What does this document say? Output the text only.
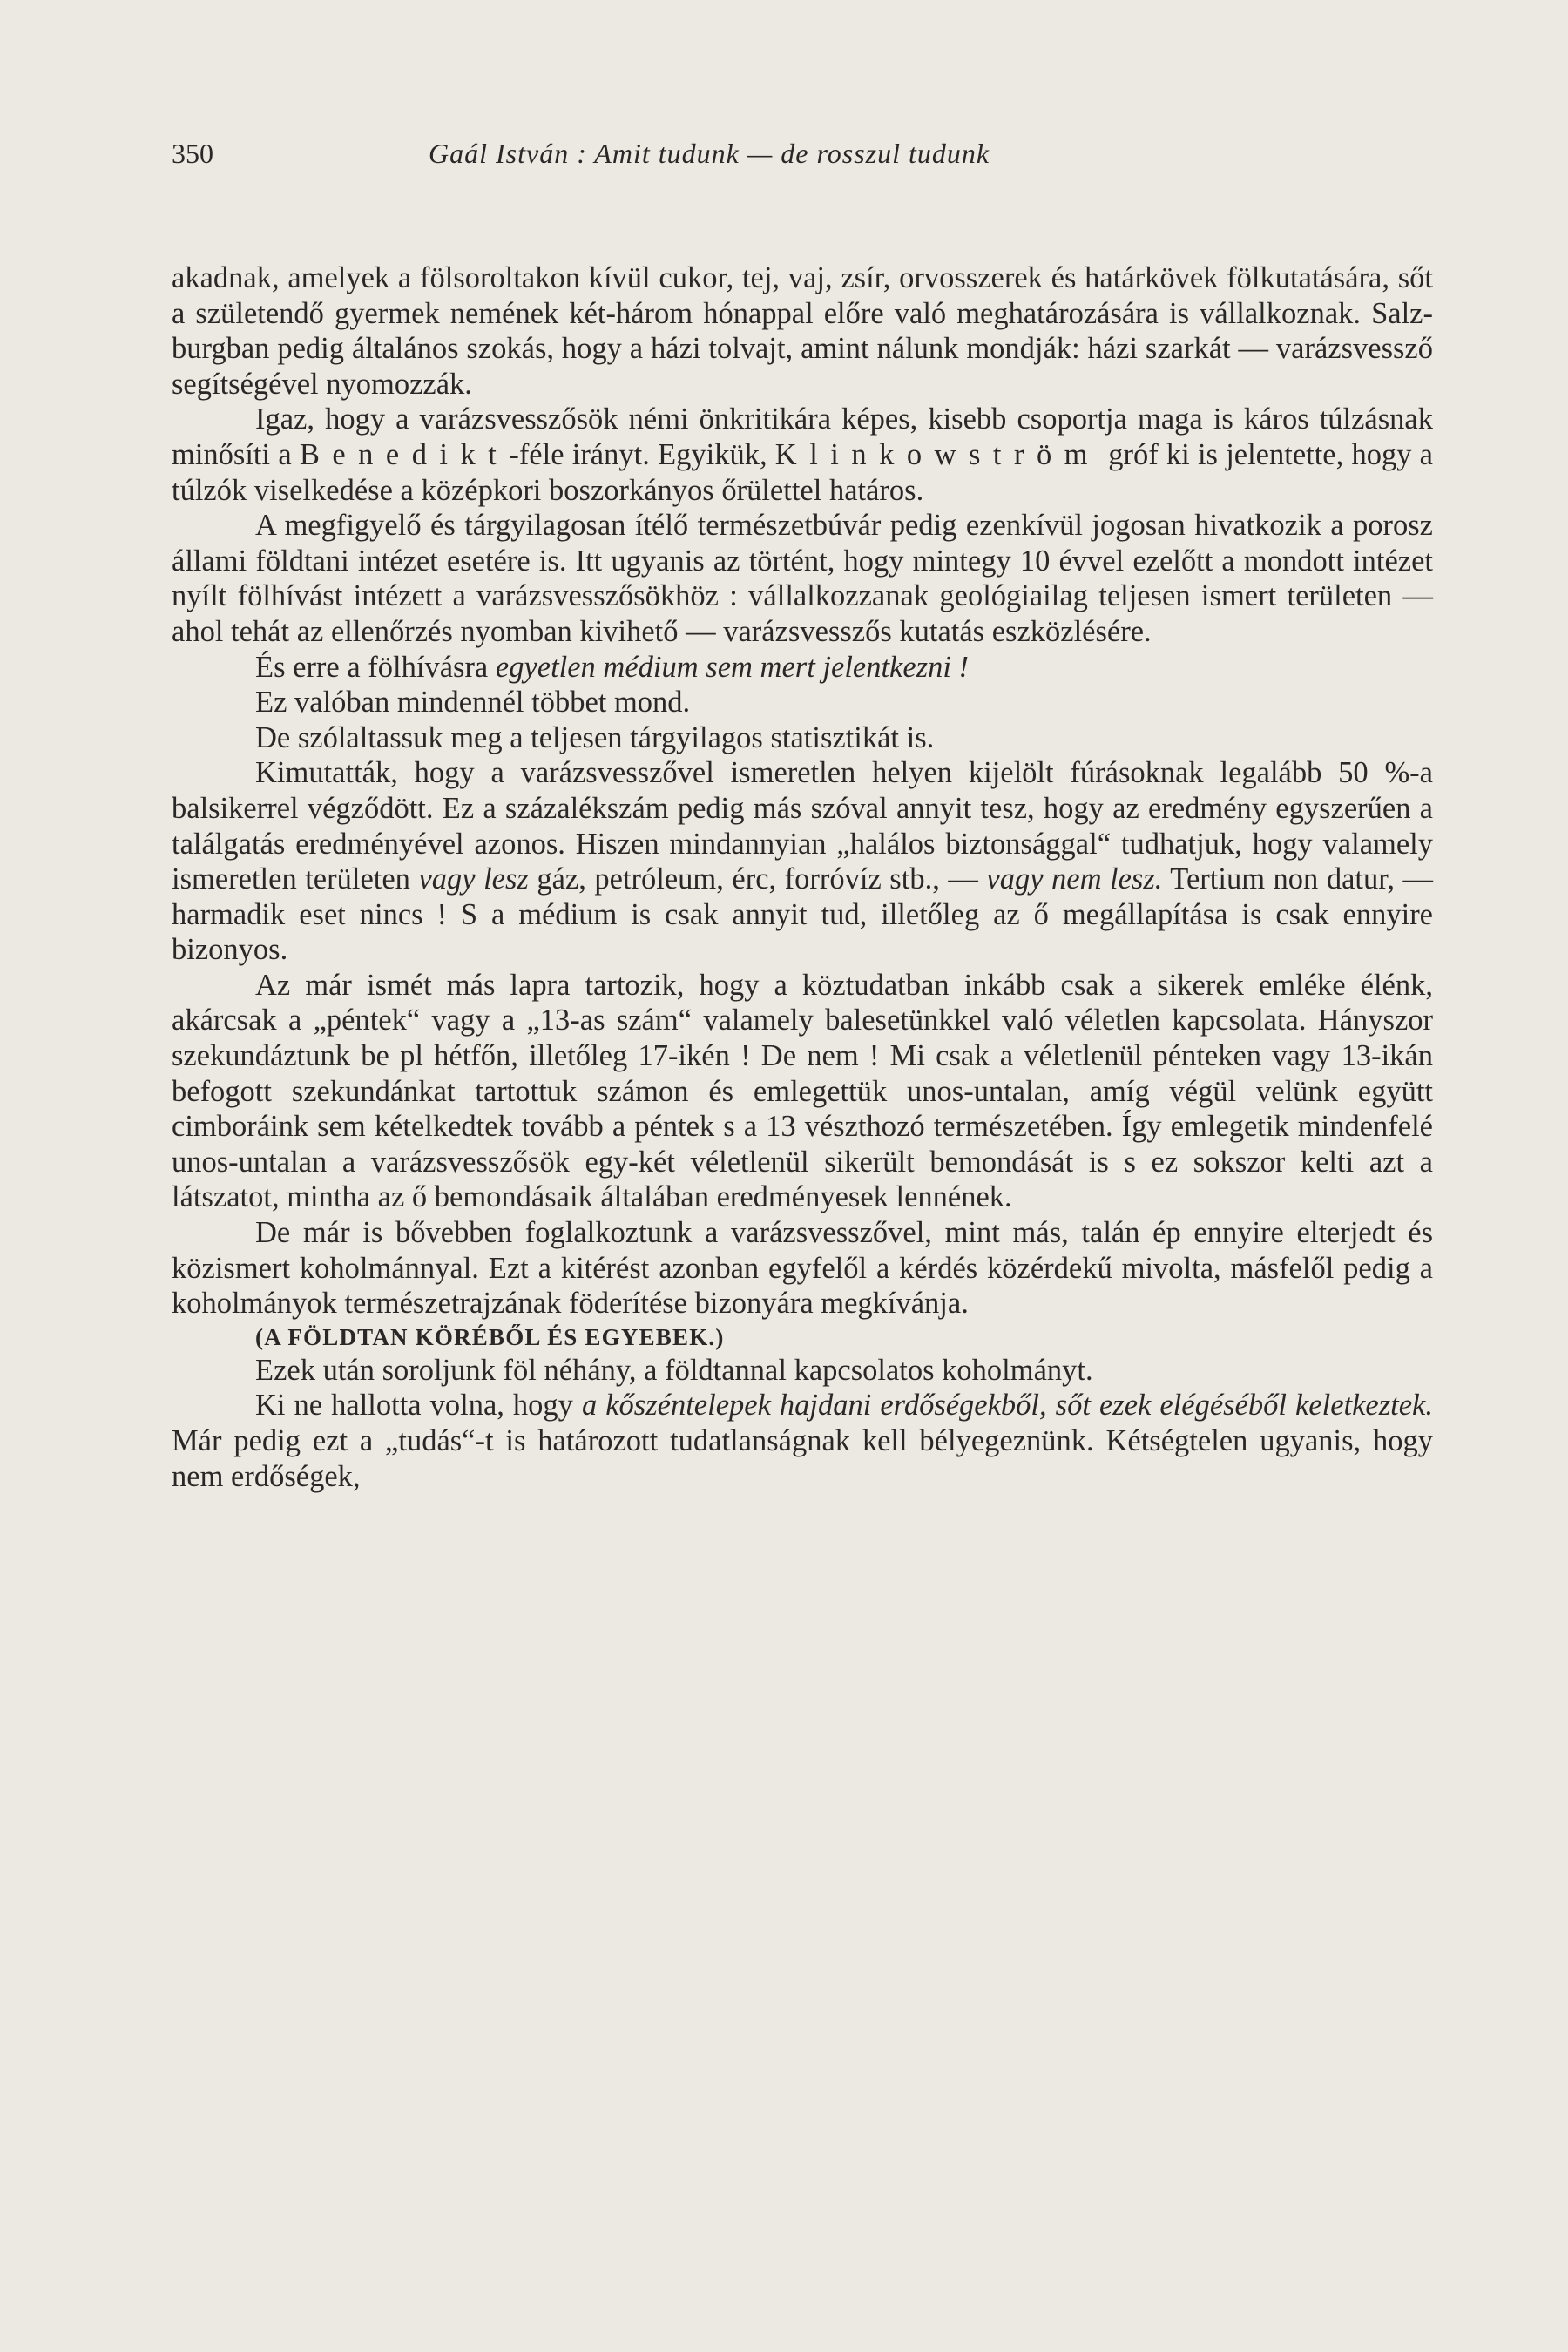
350	Gaál István : Amit tudunk — de rosszul tudunk

akadnak, amelyek a fölsoroltakon kívül cukor, tej, vaj, zsír, orvosszerek és határkövek fölkutatására, sőt a születendő gyermek nemének két-három hónappal előre való meghatározására is vállalkoznak. Salzburgban pedig általános szokás, hogy a házi tolvajt, amint nálunk mondják: házi szarkát — varázsvessző segítségével nyomozzák.

Igaz, hogy a varázsvesszősök némi önkritikára képes, kisebb csoportja maga is káros túlzásnak minősíti a Benedikt-féle irányt. Egyikük, Klinkowström gróf ki is jelentette, hogy a túlzók viselkedése a középkori boszorkányos őrülettel határos.

A megfigyelő és tárgyilagosan ítélő természetbúvár pedig ezenkívül jogosan hivatkozik a porosz állami földtani intézet esetére is. Itt ugyanis az történt, hogy mintegy 10 évvel ezelőtt a mondott intézet nyílt fölhívást intézett a varázsvesszősökhöz : vállalkozzanak geológiailag teljesen ismert területen — ahol tehát az ellenőrzés nyomban kivihető — varázsvesszős kutatás eszközlésére.

És erre a fölhívásra egyetlen médium sem mert jelentkezni !

Ez valóban mindennél többet mond.

De szólaltassuk meg a teljesen tárgyilagos statisztikát is.

Kimutatták, hogy a varázsvesszővel ismeretlen helyen kijelölt fúrásoknak legalább 50 %-a balsikerrel végződött. Ez a százalékszám pedig más szóval annyit tesz, hogy az eredmény egyszerűen a találgatás eredményével azonos. Hiszen mindannyian „halálos biztonsággal“ tudhatjuk, hogy valamely ismeretlen területen vagy lesz gáz, petróleum, érc, forróvíz stb., — vagy nem lesz. Tertium non datur, — harmadik eset nincs ! S a médium is csak annyit tud, illetőleg az ő megállapítása is csak ennyire bizonyos.

Az már ismét más lapra tartozik, hogy a köztudatban inkább csak a sikerek emléke élénk, akárcsak a „péntek“ vagy a „13-as szám“ valamely balesetünkkel való véletlen kapcsolata. Hányszor szekundáztunk be pl hétfőn, illetőleg 17-ikén ! De nem ! Mi csak a véletlenül pénteken vagy 13-ikán befogott szekundánkat tartottuk számon és emlegettük unos-untalan, amíg végül velünk együtt cimboráink sem kételkedtek tovább a péntek s a 13 vészthozó természetében. Így emlegetik mindenfelé unos-untalan a varázsvesszősök egy-két véletlenül sikerült bemondását is s ez sokszor kelti azt a látszatot, mintha az ő bemondásaik általában eredményesek lennének.

De már is bővebben foglalkoztunk a varázsvesszővel, mint más, talán ép ennyire elterjedt és közismert koholmánnyal. Ezt a kitérést azonban egyfelől a kérdés közérdekű mivolta, másfelől pedig a koholmányok természetrajzának föderítése bizonyára megkívánja.

(A FÖLDTAN KÖRÉBŐL ÉS EGYEBEK.)

Ezek után soroljunk föl néhány, a földtannal kapcsolatos koholmányt.

Ki ne hallotta volna, hogy a kőszéntelepek hajdani erdőségekből, sőt ezek elégéséből keletkeztek. Már pedig ezt a „tudás“-t is határozott tudatlanságnak kell bélyegeznünk. Kétségtelen ugyanis, hogy nem erdőségek,
